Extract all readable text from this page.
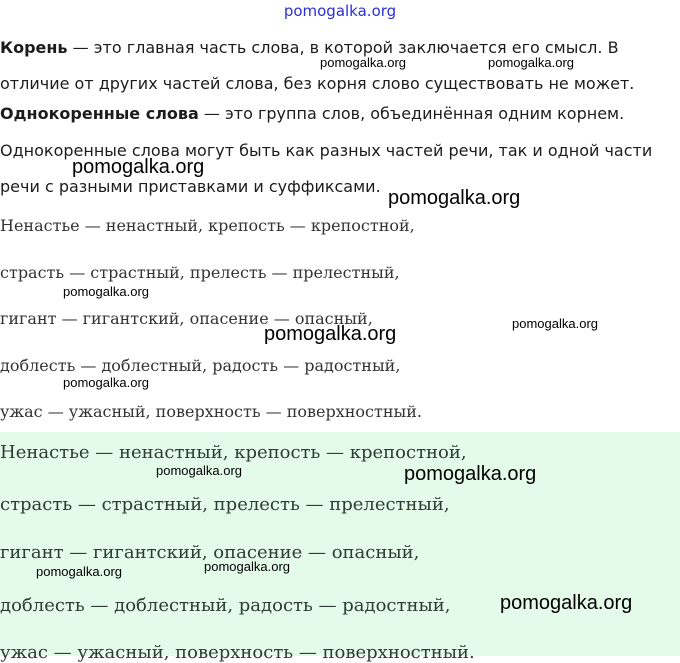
pomogalka.org

Корень — это главная часть слова, в которой заключается его смысл. В отличие от других частей слова, без корня слово существовать не может.

Однокоренные слова — это группа слов, объединённая одним корнем.

Однокоренные слова могут быть как разных частей речи, так и одной части речи с разными приставками и суффиксами.

Ненастье — ненастный, крепость — крепостной,
страсть — страстный, прелесть — прелестный,
гигант — гигантский, опасение — опасный,
доблесть — доблестный, радость — радостный,
ужас — ужасный, поверхность — поверхностный.
Ненастье — ненастный, крепость — крепостной,
страсть — страстный, прелесть — прелестный,
гигант — гигантский, опасение — опасный,
доблесть — доблестный, радость — радостный,
ужас — ужасный, поверхность — поверхностный.
pomogalka.org	pomogalka.org
pomogalka.org
pomogalka.org
pomogalka.org
pomogalka.org	pomogalka.org
pomogalka.org
pomogalka.org	pomogalka.org
pomogalka.org	pomogalka.org
pomogalka.org
